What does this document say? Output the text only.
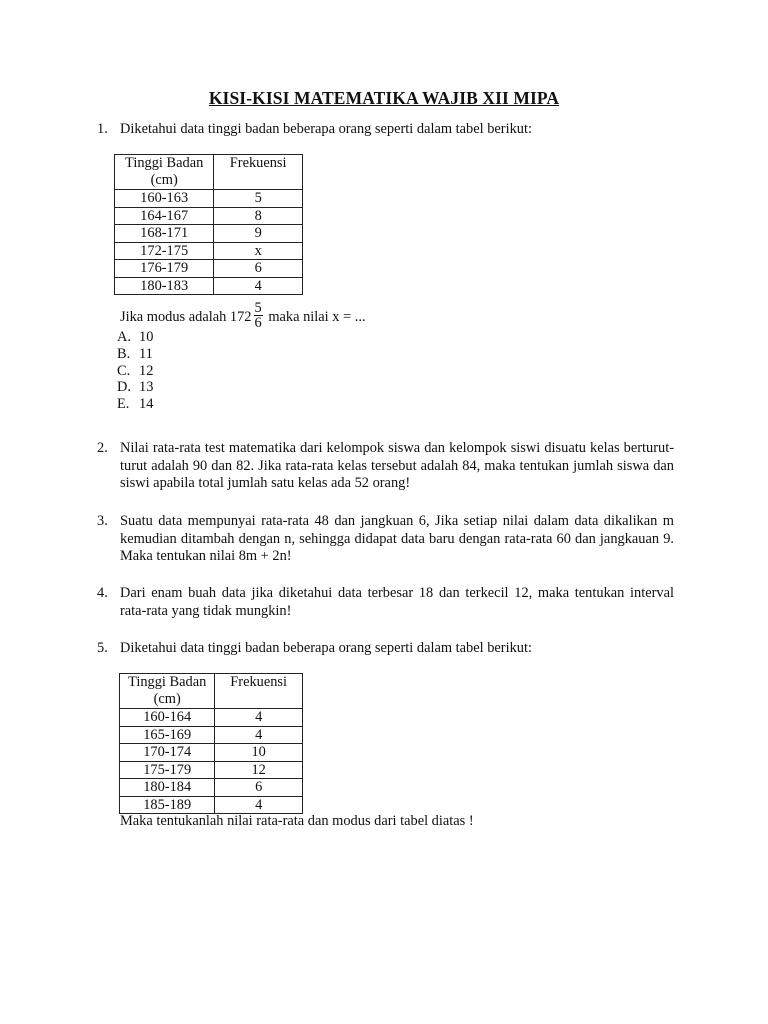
KISI-KISI MATEMATIKA WAJIB XII MIPA
1. Diketahui data tinggi badan beberapa orang seperti dalam tabel berikut:
Tinggi Badan (cm)	Frekuensi
160-163	5
164-167	8
168-171	9
172-175	x
176-179	6
180-183	4
Jika modus adalah $172 \frac{5}{6}$ maka nilai x = ...
A. 10
B. 11
C. 12
D. 13
E. 14
2. Nilai rata-rata test matematika dari kelompok siswa dan kelompok siswi disuatu kelas berturut-turut adalah 90 dan 82. Jika rata-rata kelas tersebut adalah 84, maka tentukan jumlah siswa dan siswi apabila total jumlah satu kelas ada 52 orang!
3. Suatu data mempunyai rata-rata 48 dan jangkuan 6, Jika setiap nilai dalam data dikalikan m kemudian ditambah dengan n, sehingga didapat data baru dengan rata-rata 60 dan jangkauan 9. Maka tentukan nilai 8m + 2n!
4. Dari enam buah data jika diketahui data terbesar 18 dan terkecil 12, maka tentukan interval rata-rata yang tidak mungkin!
5. Diketahui data tinggi badan beberapa orang seperti dalam tabel berikut:
Tinggi Badan (cm)	Frekuensi
160-164	4
165-169	4
170-174	10
175-179	12
180-184	6
185-189	4
Maka tentukanlah nilai rata-rata dan modus dari tabel diatas !
